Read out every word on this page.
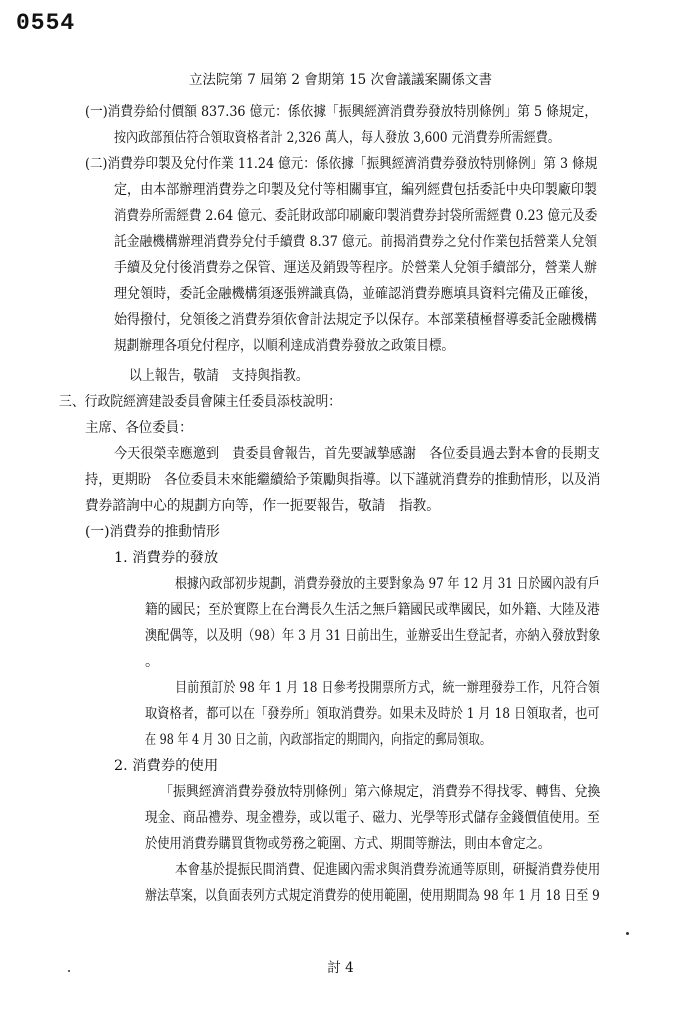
0554
立法院第 7 屆第 2 會期第 15 次會議議案關係文書
(一)消費券給付價額 837.36 億元：係依據「振興經濟消費券發放特別條例」第 5 條規定，
按內政部預估符合領取資格者計 2,326 萬人，每人發放 3,600 元消費券所需經費。
(二)消費券印製及兌付作業 11.24 億元：係依據「振興經濟消費券發放特別條例」第 3 條規
定，由本部辦理消費券之印製及兌付等相關事宜，編列經費包括委託中央印製廠印製
消費券所需經費 2.64 億元、委託財政部印刷廠印製消費券封袋所需經費 0.23 億元及委
託金融機構辦理消費券兌付手續費 8.37 億元。前揭消費券之兌付作業包括營業人兌領
手續及兌付後消費券之保管、運送及銷毀等程序。於營業人兌領手續部分，營業人辦
理兌領時，委託金融機構須逐張辨識真偽，並確認消費券應填具資料完備及正確後，
始得撥付，兌領後之消費券須依會計法規定予以保存。本部業積極督導委託金融機構
規劃辦理各項兌付程序，以順利達成消費券發放之政策目標。
以上報告，敬請　支持與指教。
三、行政院經濟建設委員會陳主任委員添枝說明：
主席、各位委員：
今天很榮幸應邀到　貴委員會報告，首先要誠摯感謝　各位委員過去對本會的長期支
持，更期盼　各位委員未來能繼續給予策勵與指導。以下謹就消費券的推動情形，以及消
費券諮詢中心的規劃方向等，作一扼要報告，敬請　指教。
(一)消費券的推動情形
1. 消費券的發放
根據內政部初步規劃，消費券發放的主要對象為 97 年 12 月 31 日於國內設有戶
籍的國民；至於實際上在台灣長久生活之無戶籍國民或準國民，如外籍、大陸及港
澳配偶等，以及明（98）年 3 月 31 日前出生，並辦妥出生登記者，亦納入發放對象
。
目前預訂於 98 年 1 月 18 日參考投開票所方式，統一辦理發券工作，凡符合領
取資格者，都可以在「發券所」領取消費券。如果未及時於 1 月 18 日領取者，也可
在 98 年 4 月 30 日之前，內政部指定的期間內，向指定的郵局領取。
2. 消費券的使用
「振興經濟消費券發放特別條例」第六條規定，消費券不得找零、轉售、兌換
現金、商品禮券、現金禮券，或以電子、磁力、光學等形式儲存金錢價值使用。至
於使用消費券購買貨物或勞務之範圍、方式、期間等辦法，則由本會定之。
本會基於提振民間消費、促進國內需求與消費券流通等原則，研擬消費券使用
辦法草案，以負面表列方式規定消費券的使用範圍，使用期間為 98 年 1 月 18 日至 9
討 4
